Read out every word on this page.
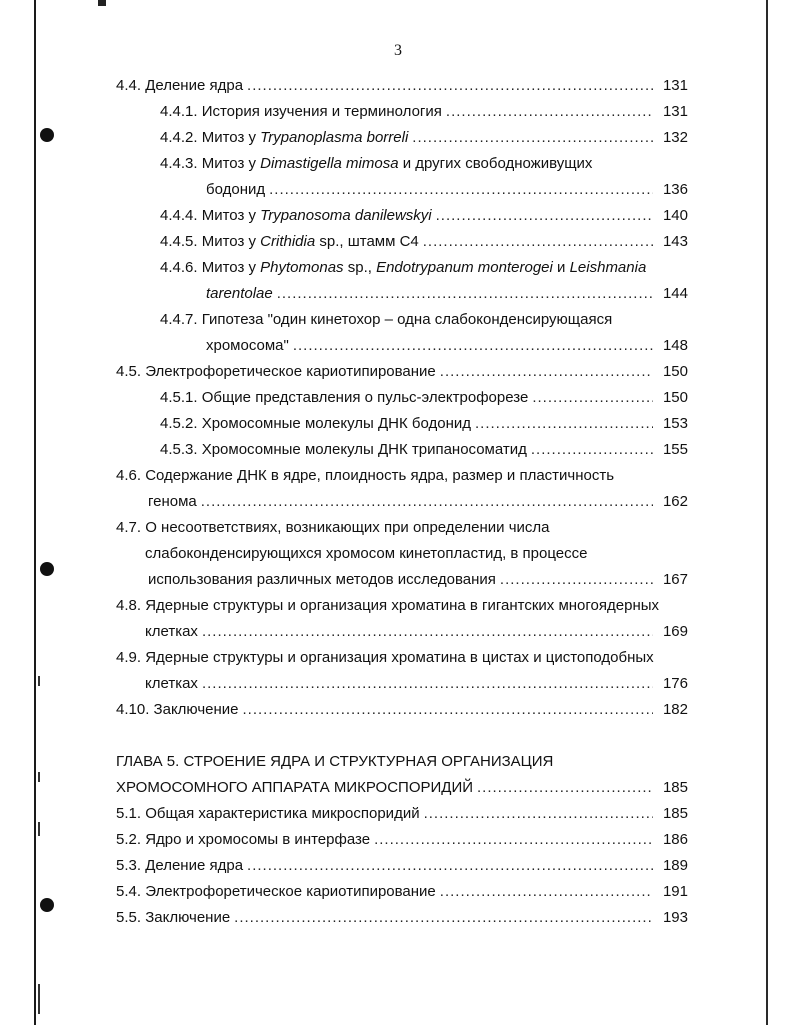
3
4.4. Деление ядра .....	131
4.4.1. История изучения и терминология .....	131
4.4.2. Митоз у Trypanoplasma borreli .....	132
4.4.3. Митоз у Dimastigella mimosa и других свободноживущих
бодонид .....	136
4.4.4. Митоз у Trypanosoma danilewskyi .....	140
4.4.5. Митоз у Crithidia sp., штамм С4 .....	143
4.4.6. Митоз у Phytomonas sp., Endotrypanum monterogei и Leishmania
tarentolae .....	144
4.4.7. Гипотеза "один кинетохор – одна слабоконденсирующаяся
хромосома" .....	148
4.5. Электрофоретическое кариотипирование .....	150
4.5.1. Общие представления о пульс-электрофорезе .....	150
4.5.2. Хромосомные молекулы ДНК бодонид .....	153
4.5.3. Хромосомные молекулы ДНК трипаносоматид .....	155
4.6. Содержание ДНК в ядре, плоидность ядра, размер и пластичность
генома .....	162
4.7. О несоответствиях, возникающих при определении числа
слабоконденсирующихся хромосом кинетопластид, в процессе
использования различных методов исследования .....	167
4.8. Ядерные структуры и организация хроматина в гигантских многоядерных
клетках .....	169
4.9. Ядерные структуры и организация хроматина в цистах и цистоподобных
клетках .....	176
4.10. Заключение .....	182
ГЛАВА 5. СТРОЕНИЕ ЯДРА И СТРУКТУРНАЯ ОРГАНИЗАЦИЯ
ХРОМОСОМНОГО АППАРАТА МИКРОСПОРИДИЙ .....	185
5.1. Общая характеристика микроспоридий .....	185
5.2. Ядро и хромосомы в интерфазе .....	186
5.3. Деление ядра .....	189
5.4. Электрофоретическое кариотипирование .....	191
5.5. Заключение .....	193
